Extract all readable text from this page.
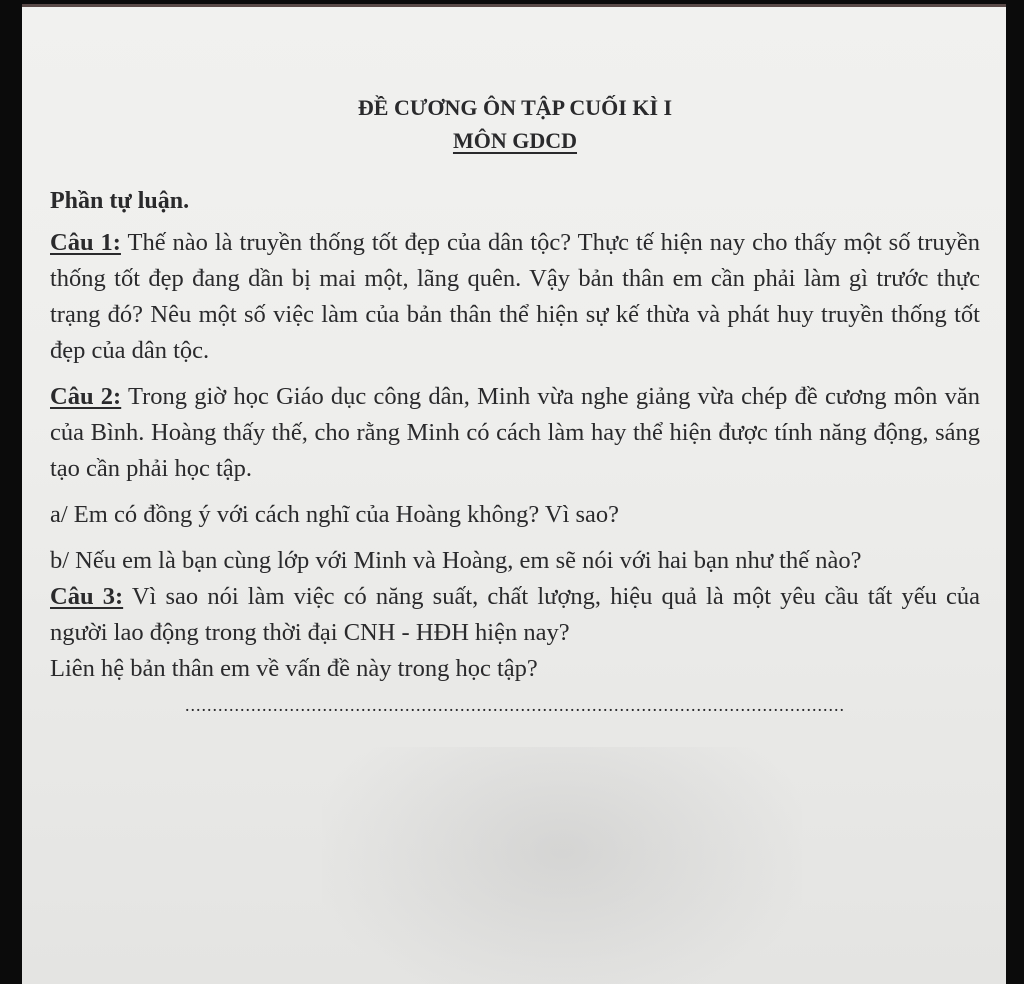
ĐỀ CƯƠNG ÔN TẬP CUỐI KÌ I

MÔN GDCD

Phần tự luận.

Câu 1: Thế nào là truyền thống tốt đẹp của dân tộc? Thực tế hiện nay cho thấy một số truyền thống tốt đẹp đang dần bị mai một, lãng quên. Vậy bản thân em cần phải làm gì trước thực trạng đó? Nêu một số việc làm của bản thân thể hiện sự kế thừa và phát huy truyền thống tốt đẹp của dân tộc.

Câu 2: Trong giờ học Giáo dục công dân, Minh vừa nghe giảng vừa chép đề cương môn văn của Bình. Hoàng thấy thế, cho rằng Minh có cách làm hay thể hiện được tính năng động, sáng tạo cần phải học tập.

a/ Em có đồng ý với cách nghĩ của Hoàng không? Vì sao?

b/ Nếu em là bạn cùng lớp với Minh và Hoàng, em sẽ nói với hai bạn như thế nào?

Câu 3: Vì sao nói làm việc có năng suất, chất lượng, hiệu quả là một yêu cầu tất yếu của người lao động trong thời đại CNH - HĐH hiện nay?

Liên hệ bản thân em về vấn đề này trong học tập?

........................................................................................................................
